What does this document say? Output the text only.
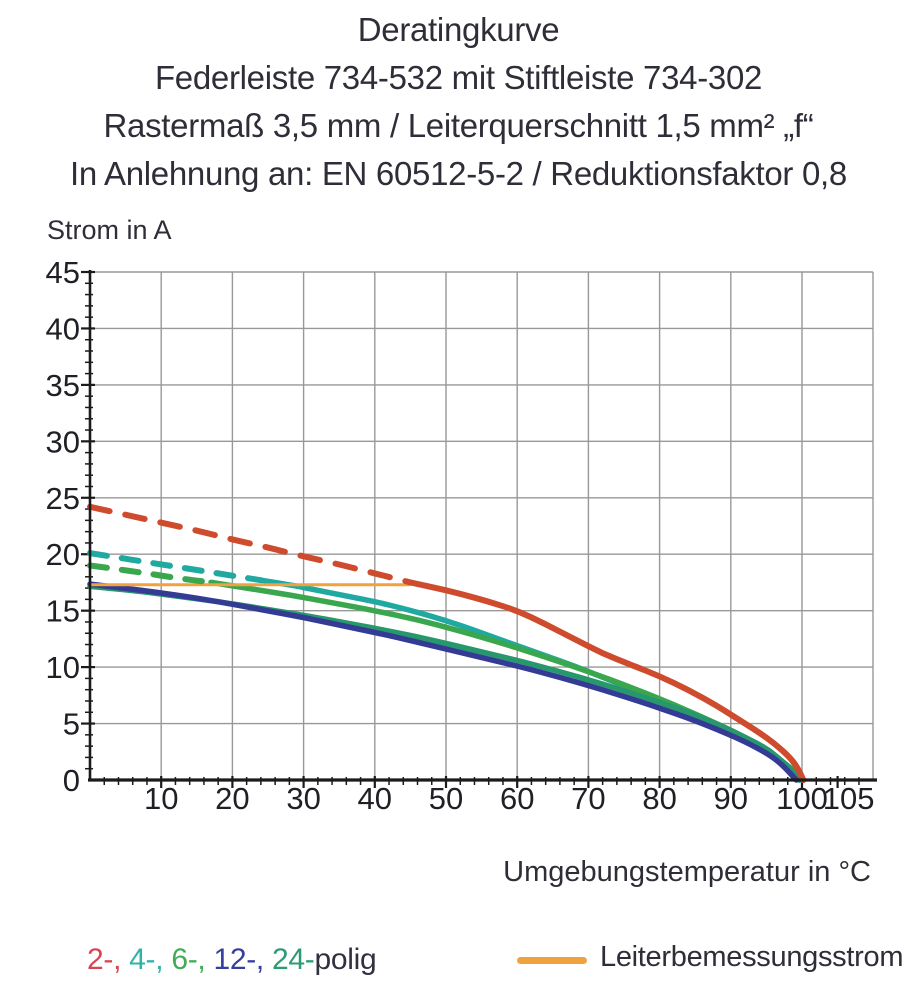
Deratingkurve
Federleiste 734-532 mit Stiftleiste 734-302
Rastermaß 3,5 mm / Leiterquerschnitt 1,5 mm² „f“
In Anlehnung an: EN 60512-5-2 / Reduktionsfaktor 0,8
Strom in A
0
5
10
15
20
25
30
35
40
45
10 20 30 40 50 60 70 80 90 100
105
Umgebungstemperatur in °C
2-, 4-, 6-, 12-, 24-polig	Leiterbemessungsstrom
